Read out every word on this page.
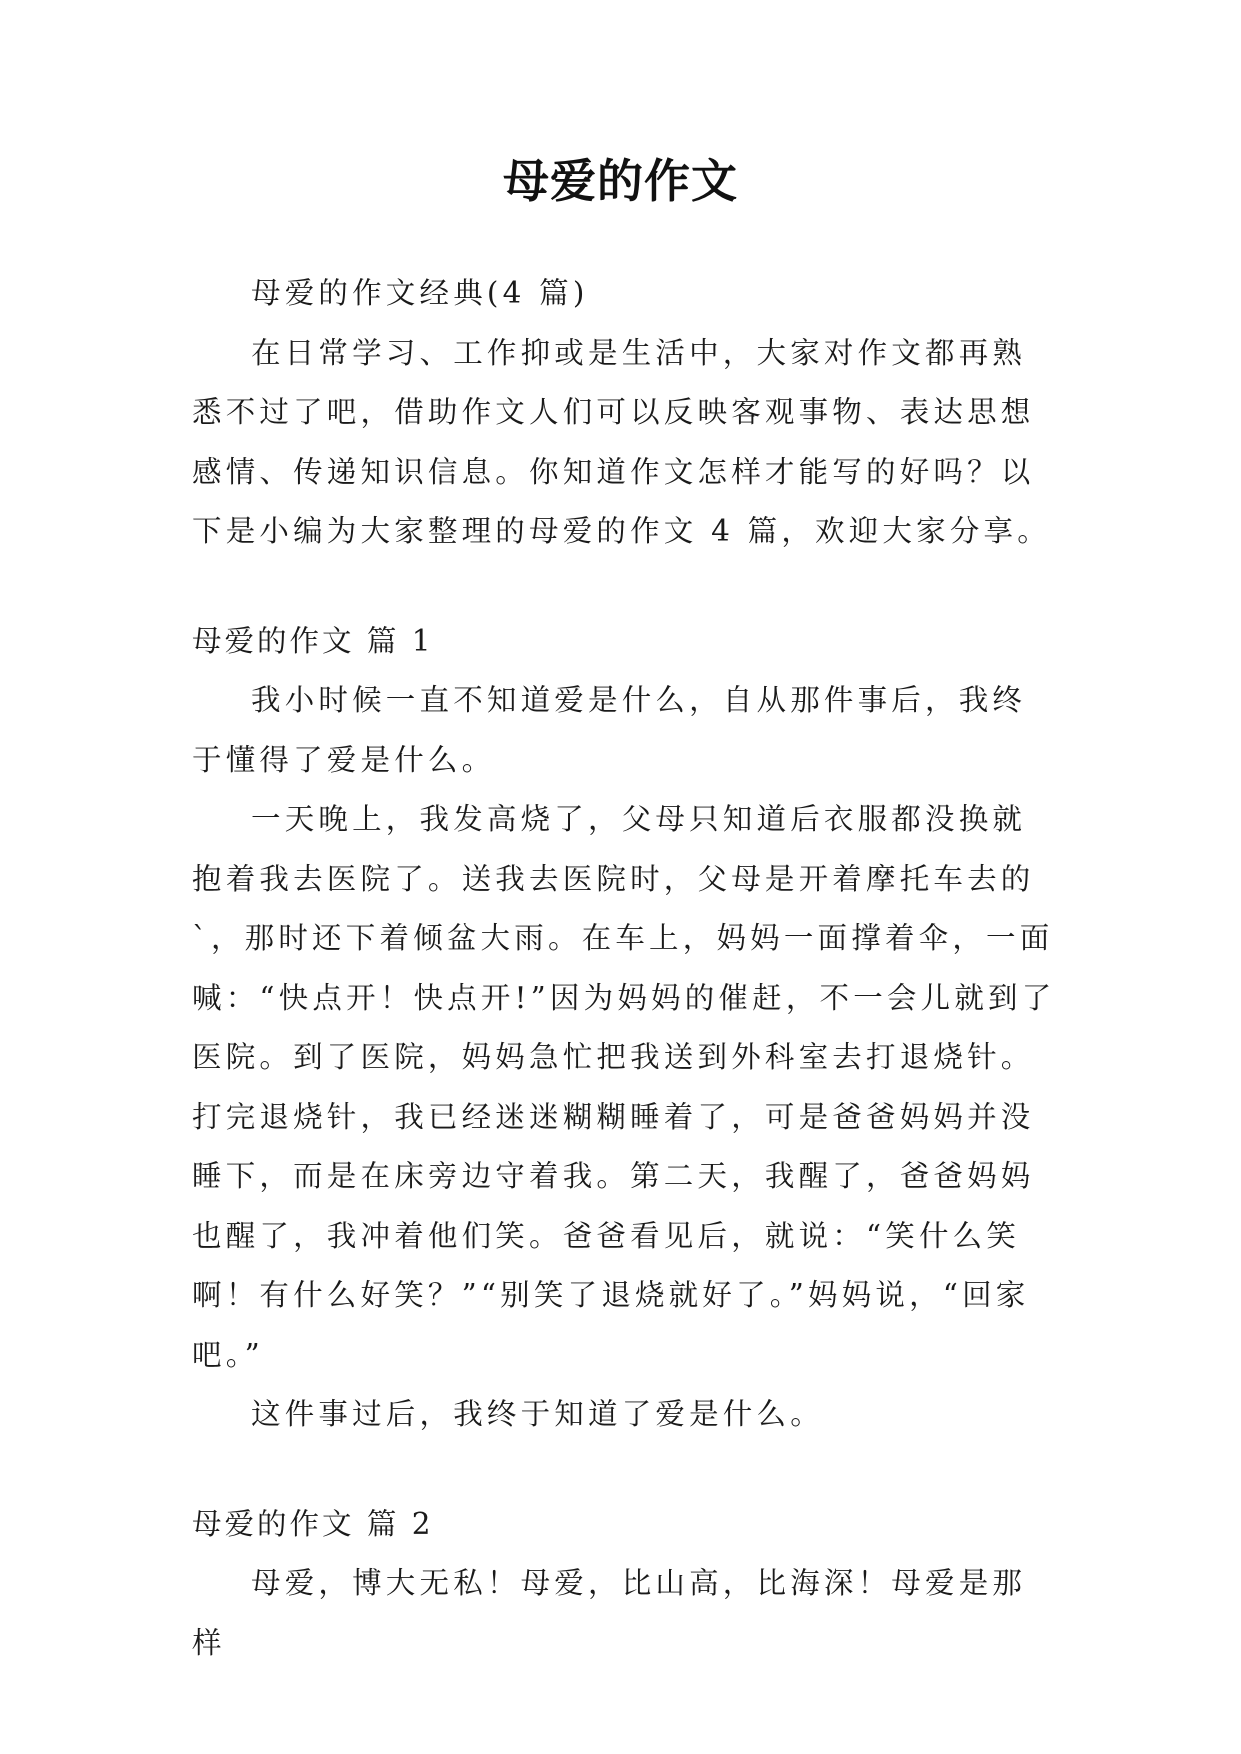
母爱的作文

母爱的作文经典(4 篇)

在日常学习、工作抑或是生活中，大家对作文都再熟悉不过了吧，借助作文人们可以反映客观事物、表达思想感情、传递知识信息。你知道作文怎样才能写的好吗？以下是小编为大家整理的母爱的作文 4 篇，欢迎大家分享。

母爱的作文 篇 1

我小时候一直不知道爱是什么，自从那件事后，我终于懂得了爱是什么。

一天晚上，我发高烧了，父母只知道后衣服都没换就抱着我去医院了。送我去医院时，父母是开着摩托车去的`，那时还下着倾盆大雨。在车上，妈妈一面撑着伞，一面喊：“快点开！快点开!”因为妈妈的催赶，不一会儿就到了医院。到了医院，妈妈急忙把我送到外科室去打退烧针。打完退烧针，我已经迷迷糊糊睡着了，可是爸爸妈妈并没睡下，而是在床旁边守着我。第二天，我醒了，爸爸妈妈也醒了，我冲着他们笑。爸爸看见后，就说：“笑什么笑啊！有什么好笑？”“别笑了退烧就好了。”妈妈说，“回家吧。”

这件事过后，我终于知道了爱是什么。

母爱的作文 篇 2

母爱，博大无私！母爱，比山高，比海深！母爱是那样
